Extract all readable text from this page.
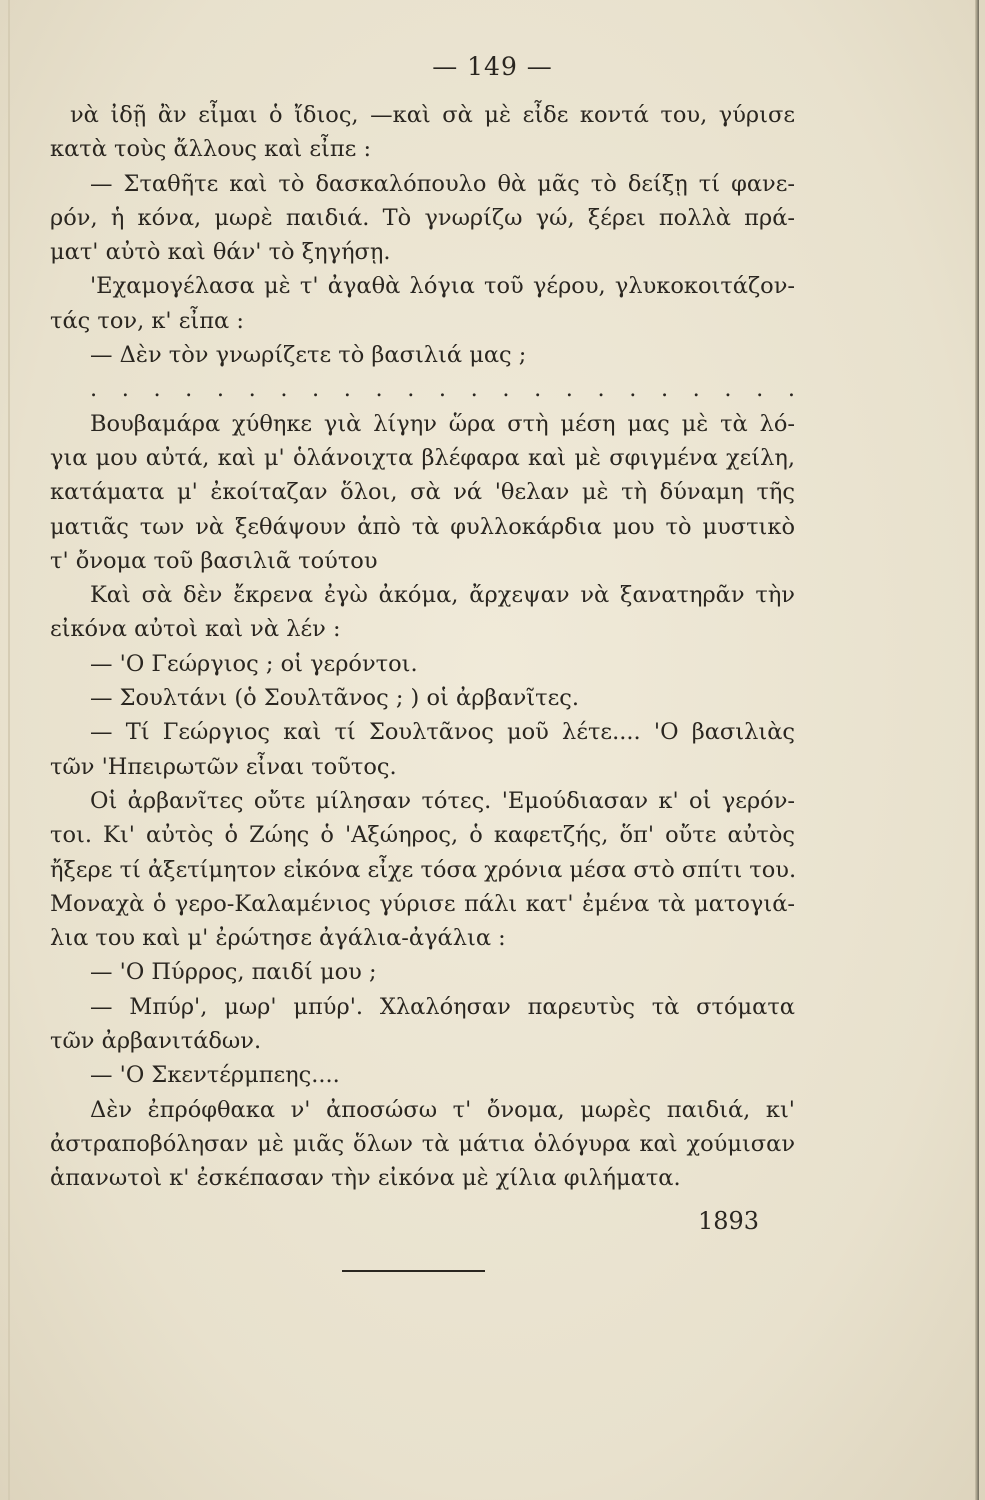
— 149 —
νὰ ἰδῇ ἂν εἶμαι ὁ ἴδιος, —καὶ σὰ μὲ εἶδε κοντά του, γύρισε
κατὰ τοὺς ἄλλους καὶ εἶπε :
— Σταθῆτε καὶ τὸ δασκαλόπουλο θὰ μᾶς τὸ δείξῃ τί φανε-
ρόν, ἡ κόνα, μωρὲ παιδιά. Τὸ γνωρίζω γώ, ξέρει πολλὰ πρά-
ματ' αὐτὸ καὶ θάν' τὸ ξηγήσῃ.
'Εχαμογέλασα μὲ τ' ἀγαθὰ λόγια τοῦ γέρου, γλυκοκοιτάζον-
τάς τον, κ' εἶπα :
— Δὲν τὸν γνωρίζετε τὸ βασιλιά μας ;
. . . . . . . . . . . . . . . . . . . . . . .
Βουβαμάρα χύθηκε γιὰ λίγην ὥρα στὴ μέση μας μὲ τὰ λό-
για μου αὐτά, καὶ μ' ὁλάνοιχτα βλέφαρα καὶ μὲ σφιγμένα χείλη,
κατάματα μ' ἐκοίταζαν ὅλοι, σὰ νά 'θελαν μὲ τὴ δύναμη τῆς
ματιᾶς των νὰ ξεθάψουν ἀπὸ τὰ φυλλοκάρδια μου τὸ μυστικὸ
τ' ὄνομα τοῦ βασιλιᾶ τούτου
Καὶ σὰ δὲν ἔκρενα ἐγὼ ἀκόμα, ἄρχεψαν νὰ ξανατηρᾶν τὴν
εἰκόνα αὐτοὶ καὶ νὰ λέν :
— 'Ο Γεώργιος ; οἱ γερόντοι.
— Σουλτάνι (ὁ Σουλτᾶνος ; ) οἱ ἀρβανῖτες.
— Τί Γεώργιος καὶ τί Σουλτᾶνος μοῦ λέτε.... 'Ο βασιλιὰς
τῶν 'Ηπειρωτῶν εἶναι τοῦτος.
Οἱ ἀρβανῖτες οὔτε μίλησαν τότες. 'Εμούδιασαν κ' οἱ γερόν-
τοι. Κι' αὐτὸς ὁ Ζώης ὁ 'Αξώηρος, ὁ καφετζής, ὅπ' οὔτε αὐτὸς
ἤξερε τί ἀξετίμητον εἰκόνα εἶχε τόσα χρόνια μέσα στὸ σπίτι του.
Μοναχὰ ὁ γερο-Καλαμένιος γύρισε πάλι κατ' ἐμένα τὰ ματογιά-
λια του καὶ μ' ἐρώτησε ἀγάλια-ἀγάλια :
— 'Ο Πύρρος, παιδί μου ;
— Μπύρ', μωρ' μπύρ'. Χλαλόησαν παρευτὺς τὰ στόματα
τῶν ἀρβανιτάδων.
— 'Ο Σκεντέρμπεης....
Δὲν ἐπρόφθακα ν' ἀποσώσω τ' ὄνομα, μωρὲς παιδιά, κι'
ἀστραποβόλησαν μὲ μιᾶς ὅλων τὰ μάτια ὁλόγυρα καὶ χούμισαν
ἁπανωτοὶ κ' ἐσκέπασαν τὴν εἰκόνα μὲ χίλια φιλήματα.
1893
